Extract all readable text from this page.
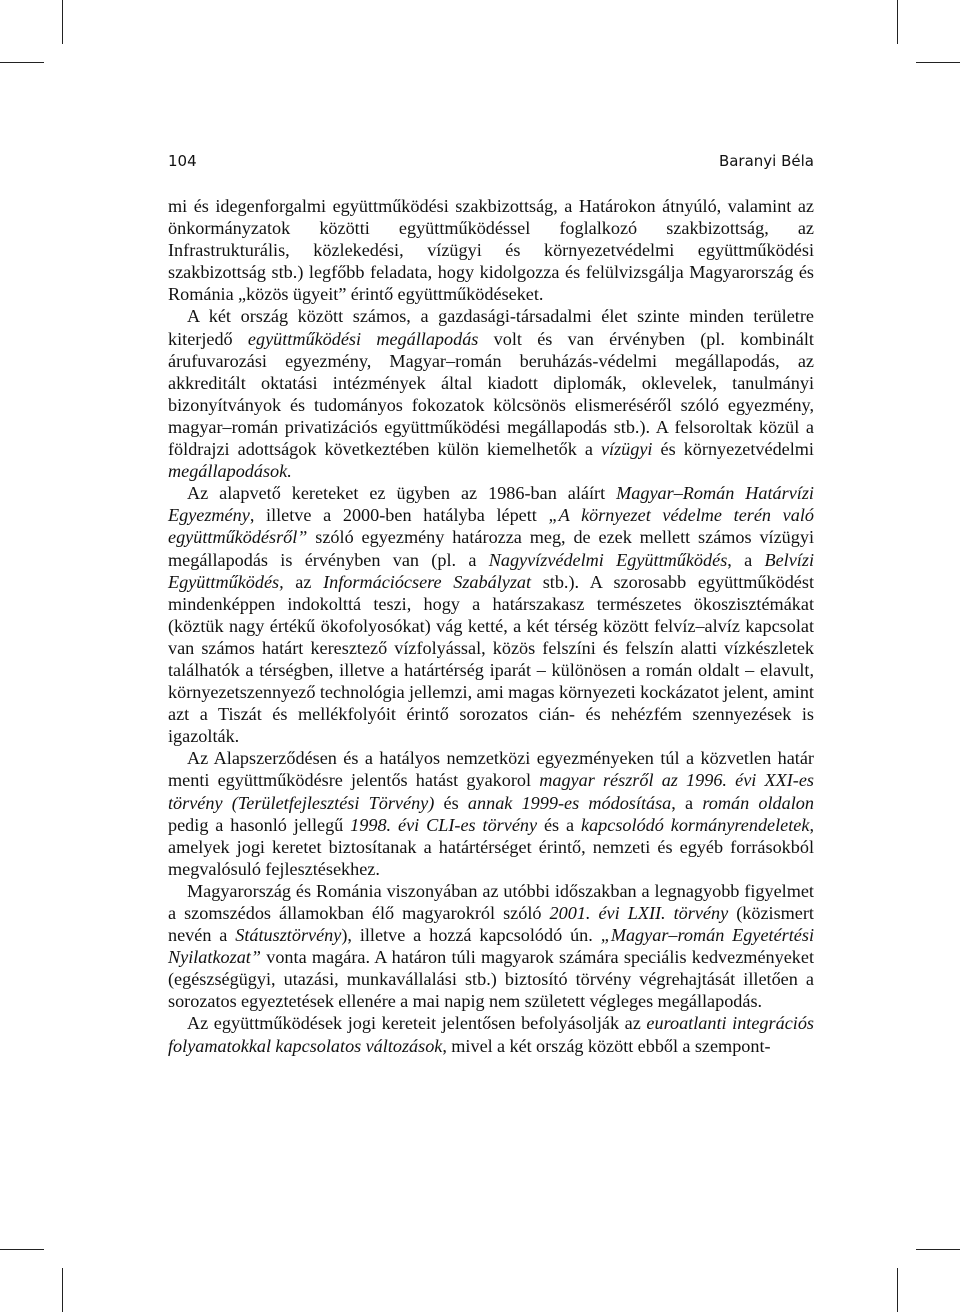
104	Baranyi Béla

mi és idegenforgalmi együttműködési szakbizottság, a Határokon átnyúló, valamint az önkormányzatok közötti együttműködéssel foglalkozó szakbizottság, az Infrastrukturális, közlekedési, vízügyi és környezetvédelmi együttműködési szakbizottság stb.) legfőbb feladata, hogy kidolgozza és felülvizsgálja Magyarország és Románia „közös ügyeit” érintő együttműködéseket.

A két ország között számos, a gazdasági-társadalmi élet szinte minden területre kiterjedő együttműködési megállapodás volt és van érvényben (pl. kombinált árufuvarozási egyezmény, Magyar–román beruházás-védelmi megállapodás, az akkreditált oktatási intézmények által kiadott diplomák, oklevelek, tanulmányi bizonyítványok és tudományos fokozatok kölcsönös elismeréséről szóló egyezmény, magyar–román privatizációs együttműködési megállapodás stb.). A felsoroltak közül a földrajzi adottságok következtében külön kiemelhetők a vízügyi és környezetvédelmi megállapodások.

Az alapvető kereteket ez ügyben az 1986-ban aláírt Magyar–Román Határvízi Egyezmény, illetve a 2000-ben hatályba lépett „A környezet védelme terén való együttműködésről” szóló egyezmény határozza meg, de ezek mellett számos vízügyi megállapodás is érvényben van (pl. a Nagyvízvédelmi Együttműködés, a Belvízi Együttműködés, az Információcsere Szabályzat stb.). A szorosabb együttműködést mindenképpen indokolttá teszi, hogy a határszakasz természetes ökoszisztémákat (köztük nagy értékű ökofolyosókat) vág ketté, a két térség között felvíz–alvíz kapcsolat van számos határt keresztező vízfolyással, közös felszíni és felszín alatti vízkészletek találhatók a térségben, illetve a határtérség iparát – különösen a román oldalt – elavult, környezetszennyező technológia jellemzi, ami magas környezeti kockázatot jelent, amint azt a Tiszát és mellékfolyóit érintő sorozatos cián- és nehézfém szennyezések is igazolták.

Az Alapszerződésen és a hatályos nemzetközi egyezményeken túl a közvetlen határ menti együttműködésre jelentős hatást gyakorol magyar részről az 1996. évi XXI-es törvény (Területfejlesztési Törvény) és annak 1999-es módosítása, a román oldalon pedig a hasonló jellegű 1998. évi CLI-es törvény és a kapcsolódó kormányrendeletek, amelyek jogi keretet biztosítanak a határtérséget érintő, nemzeti és egyéb forrásokból megvalósuló fejlesztésekhez.

Magyarország és Románia viszonyában az utóbbi időszakban a legnagyobb figyelmet a szomszédos államokban élő magyarokról szóló 2001. évi LXII. törvény (közismert nevén a Státusztörvény), illetve a hozzá kapcsolódó ún. „Magyar–román Egyetértési Nyilatkozat” vonta magára. A határon túli magyarok számára speciális kedvezményeket (egészségügyi, utazási, munkavállalási stb.) biztosító törvény végrehajtását illetően a sorozatos egyeztetések ellenére a mai napig nem született végleges megállapodás.

Az együttműködések jogi kereteit jelentősen befolyásolják az euroatlanti integrációs folyamatokkal kapcsolatos változások, mivel a két ország között ebből a szempont-
